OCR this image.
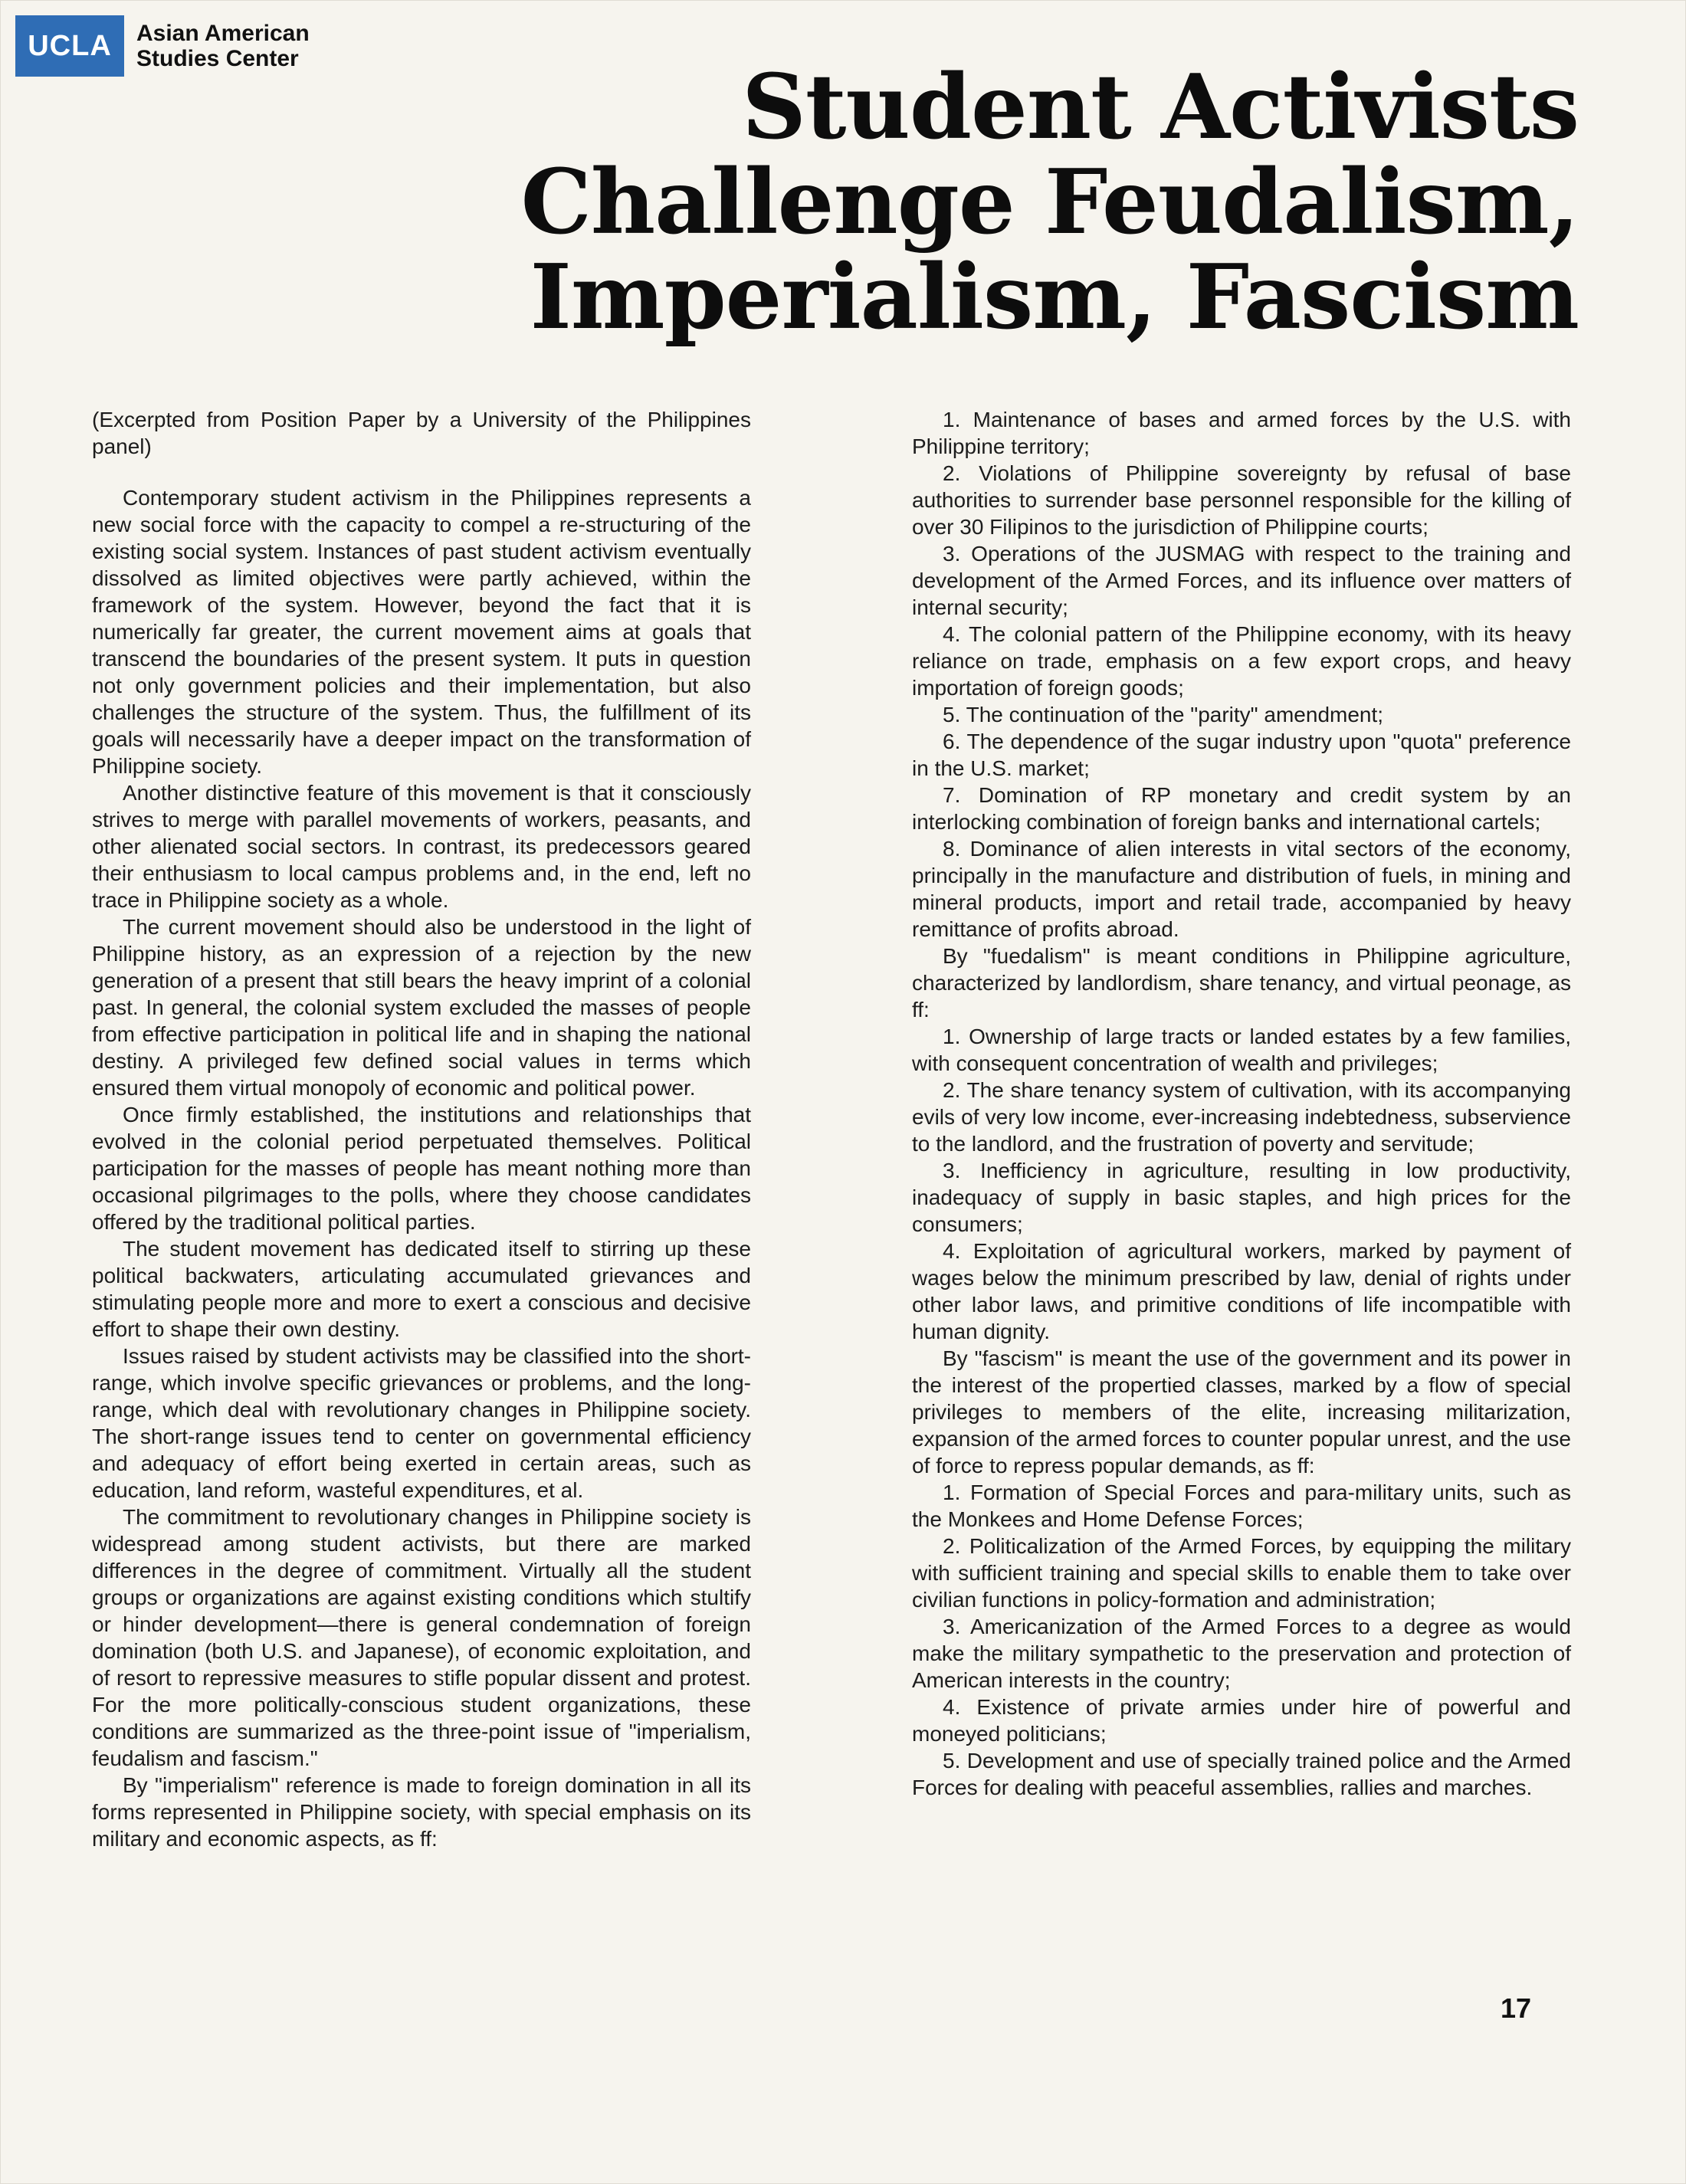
UCLA	Asian American
Studies Center	Student Activists
Challenge Feudalism,
Imperialism, Fascism

(Excerpted from Position Paper by a University of the Philippines panel)

Contemporary student activism in the Philippines represents a new social force with the capacity to compel a re-structuring of the existing social system. Instances of past student activism eventually dissolved as limited objectives were partly achieved, within the framework of the system. However, beyond the fact that it is numerically far greater, the current movement aims at goals that transcend the boundaries of the present system. It puts in question not only government policies and their implementation, but also challenges the structure of the system. Thus, the fulfillment of its goals will necessarily have a deeper impact on the transformation of Philippine society.

Another distinctive feature of this movement is that it consciously strives to merge with parallel movements of workers, peasants, and other alienated social sectors. In contrast, its predecessors geared their enthusiasm to local campus problems and, in the end, left no trace in Philippine society as a whole.

The current movement should also be understood in the light of Philippine history, as an expression of a rejection by the new generation of a present that still bears the heavy imprint of a colonial past. In general, the colonial system excluded the masses of people from effective participation in political life and in shaping the national destiny. A privileged few defined social values in terms which ensured them virtual monopoly of economic and political power.

Once firmly established, the institutions and relationships that evolved in the colonial period perpetuated themselves. Political participation for the masses of people has meant nothing more than occasional pilgrimages to the polls, where they choose candidates offered by the traditional political parties.

The student movement has dedicated itself to stirring up these political backwaters, articulating accumulated grievances and stimulating people more and more to exert a conscious and decisive effort to shape their own destiny.

Issues raised by student activists may be classified into the short-range, which involve specific grievances or problems, and the long-range, which deal with revolutionary changes in Philippine society. The short-range issues tend to center on governmental efficiency and adequacy of effort being exerted in certain areas, such as education, land reform, wasteful expenditures, et al.

The commitment to revolutionary changes in Philippine society is widespread among student activists, but there are marked differences in the degree of commitment. Virtually all the student groups or organizations are against existing conditions which stultify or hinder development—there is general condemnation of foreign domination (both U.S. and Japanese), of economic exploitation, and of resort to repressive measures to stifle popular dissent and protest. For the more politically-conscious student organizations, these conditions are summarized as the three-point issue of "imperialism, feudalism and fascism."

By "imperialism" reference is made to foreign domination in all its forms represented in Philippine society, with special emphasis on its military and economic aspects, as ff:

1. Maintenance of bases and armed forces by the U.S. with Philippine territory;

2. Violations of Philippine sovereignty by refusal of base authorities to surrender base personnel responsible for the killing of over 30 Filipinos to the jurisdiction of Philippine courts;

3. Operations of the JUSMAG with respect to the training and development of the Armed Forces, and its influence over matters of internal security;

4. The colonial pattern of the Philippine economy, with its heavy reliance on trade, emphasis on a few export crops, and heavy importation of foreign goods;

5. The continuation of the "parity" amendment;

6. The dependence of the sugar industry upon "quota" preference in the U.S. market;

7. Domination of RP monetary and credit system by an interlocking combination of foreign banks and international cartels;

8. Dominance of alien interests in vital sectors of the economy, principally in the manufacture and distribution of fuels, in mining and mineral products, import and retail trade, accompanied by heavy remittance of profits abroad.

By "fuedalism" is meant conditions in Philippine agriculture, characterized by landlordism, share tenancy, and virtual peonage, as ff:

1. Ownership of large tracts or landed estates by a few families, with consequent concentration of wealth and privileges;

2. The share tenancy system of cultivation, with its accompanying evils of very low income, ever-increasing indebtedness, subservience to the landlord, and the frustration of poverty and servitude;

3. Inefficiency in agriculture, resulting in low productivity, inadequacy of supply in basic staples, and high prices for the consumers;

4. Exploitation of agricultural workers, marked by payment of wages below the minimum prescribed by law, denial of rights under other labor laws, and primitive conditions of life incompatible with human dignity.

By "fascism" is meant the use of the government and its power in the interest of the propertied classes, marked by a flow of special privileges to members of the elite, increasing militarization, expansion of the armed forces to counter popular unrest, and the use of force to repress popular demands, as ff:

1. Formation of Special Forces and para-military units, such as the Monkees and Home Defense Forces;

2. Politicalization of the Armed Forces, by equipping the military with sufficient training and special skills to enable them to take over civilian functions in policy-formation and administration;

3. Americanization of the Armed Forces to a degree as would make the military sympathetic to the preservation and protection of American interests in the country;

4. Existence of private armies under hire of powerful and moneyed politicians;

5. Development and use of specially trained police and the Armed Forces for dealing with peaceful assemblies, rallies and marches.

17
